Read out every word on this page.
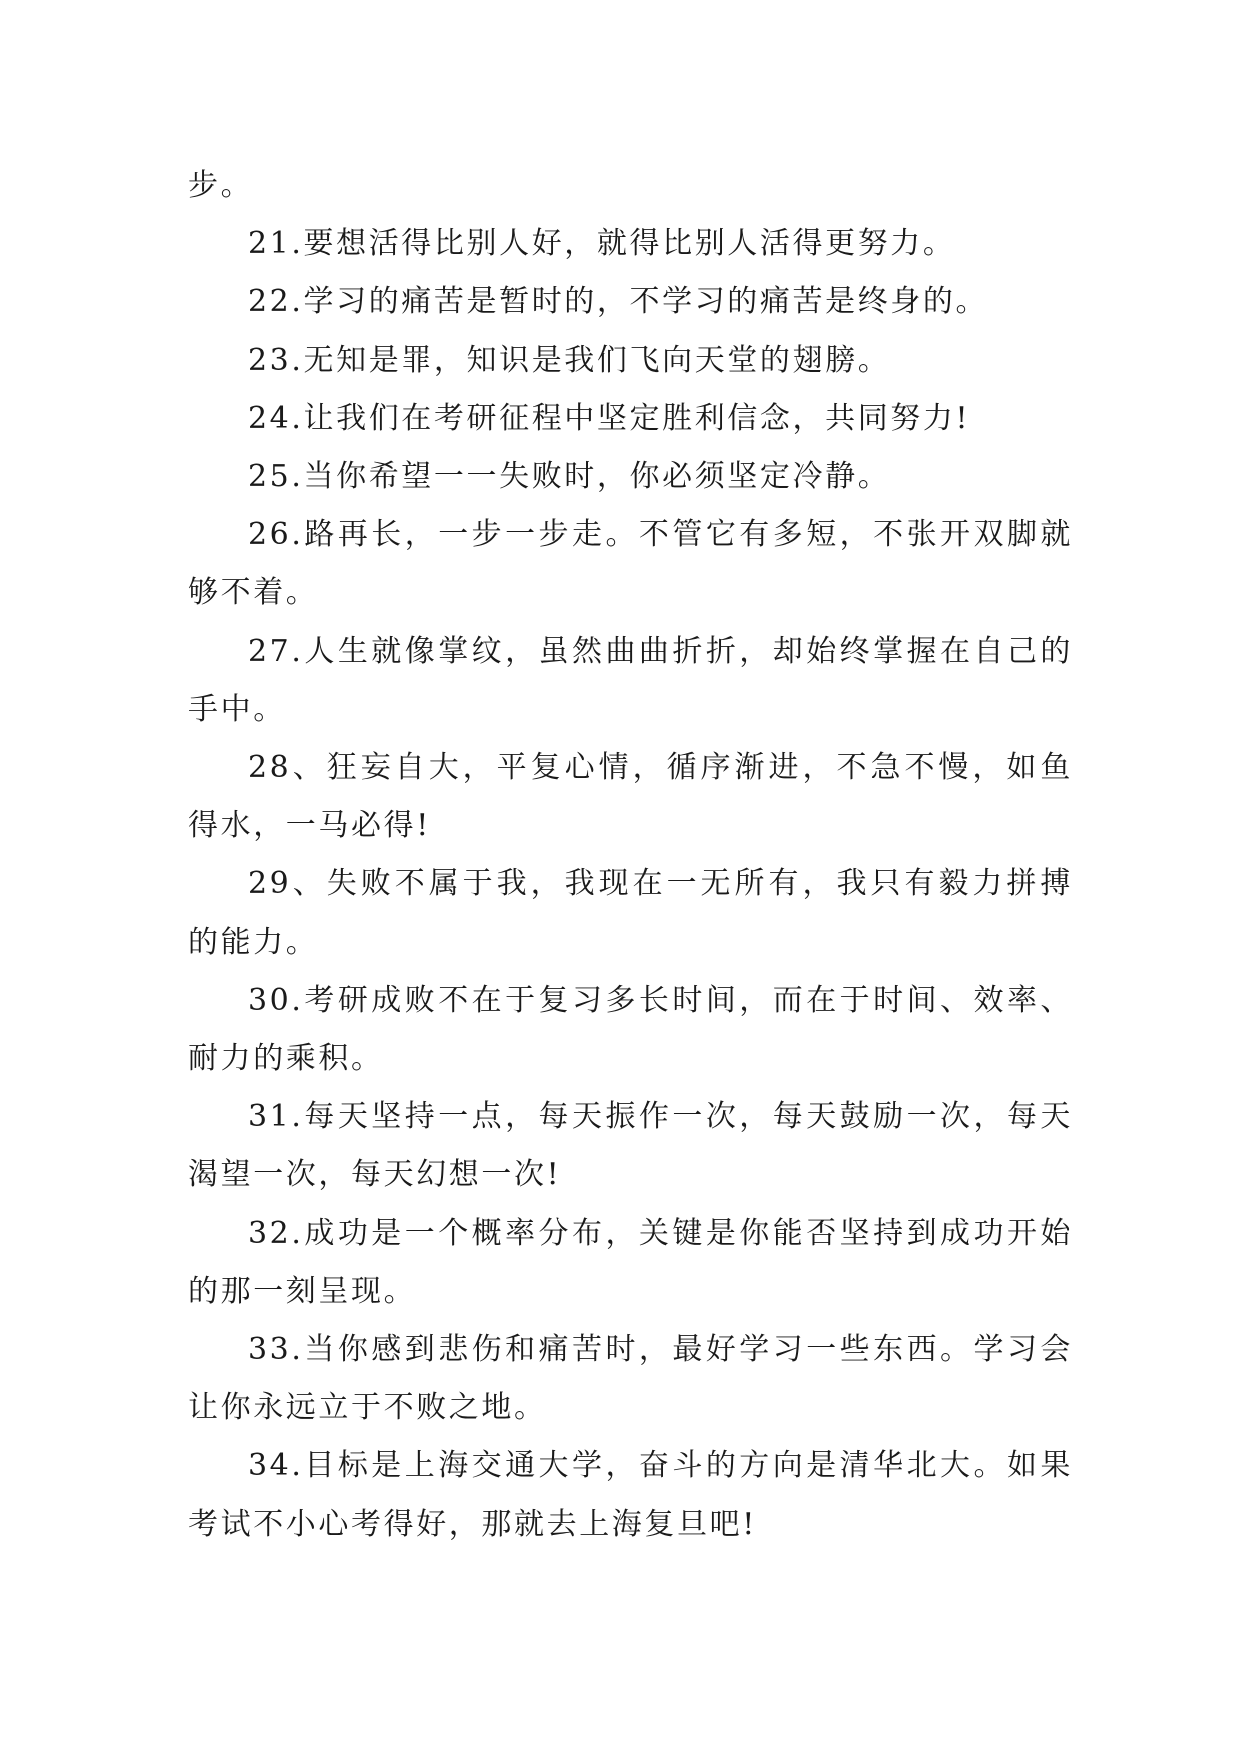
步。

21.要想活得比别人好，就得比别人活得更努力。

22.学习的痛苦是暂时的，不学习的痛苦是终身的。

23.无知是罪，知识是我们飞向天堂的翅膀。

24.让我们在考研征程中坚定胜利信念，共同努力!

25.当你希望一一失败时，你必须坚定冷静。

26.路再长，一步一步走。不管它有多短，不张开双脚就够不着。

27.人生就像掌纹，虽然曲曲折折，却始终掌握在自己的手中。

28、狂妄自大，平复心情，循序渐进，不急不慢，如鱼得水，一马必得!

29、失败不属于我，我现在一无所有，我只有毅力拼搏的能力。

30.考研成败不在于复习多长时间，而在于时间、效率、耐力的乘积。

31.每天坚持一点，每天振作一次，每天鼓励一次，每天渴望一次，每天幻想一次!

32.成功是一个概率分布，关键是你能否坚持到成功开始的那一刻呈现。

33.当你感到悲伤和痛苦时，最好学习一些东西。学习会让你永远立于不败之地。

34.目标是上海交通大学，奋斗的方向是清华北大。如果考试不小心考得好，那就去上海复旦吧!
